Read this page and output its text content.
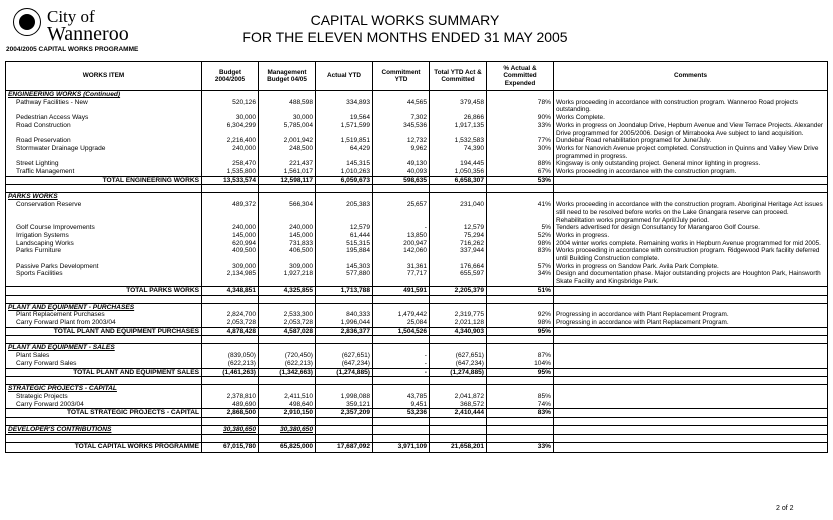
City of
Wanneroo
2004/2005 CAPITAL WORKS PROGRAMME
CAPITAL WORKS SUMMARY
FOR THE ELEVEN MONTHS ENDED 31 MAY 2005
WORKS ITEM	Budget 2004/2005	Management Budget 04/05	Actual YTD	Commitment YTD	Total YTD Act & Committed	% Actual & Committed Expended	Comments
ENGINEERING WORKS (Continued)							
Pathway Facilities - New	520,126	488,598	334,893	44,565	379,458	78%	Works proceeding in accordance with construction program. Wanneroo Road projects outstanding.
Pedestrian Access Ways	30,000	30,000	19,564	7,302	26,866	90%	Works Complete.
Road Construction	6,304,299	5,785,004	1,571,599	345,536	1,917,135	33%	Works in progress on Joondalup Drive, Hepburn Avenue and View Terrace Projects. Alexander Drive programmed for 2005/2006. Design of Mirrabooka Ave subject to land acquisition.
Road Preservation	2,216,400	2,001,942	1,519,851	12,732	1,532,583	77%	Dundebar Road rehabilitation programed for June/July.
Stormwater Drainage Upgrade	240,000	248,500	64,429	9,962	74,390	30%	Works for Nanovich Avenue project completed. Construction in Quinns and Valley View Drive programmed in progress.
Street Lighting	258,470	221,437	145,315	49,130	194,445	88%	Kingsway is only outstanding project. General minor lighting in progress.
Traffic Management	1,535,800	1,561,017	1,010,263	40,093	1,050,356	67%	Works proceeding in accordance with the construction program.
TOTAL ENGINEERING WORKS	13,533,574	12,598,117	6,059,673	598,635	6,658,307	53%	

PARKS WORKS							
Conservation Reserve	489,372	566,304	205,383	25,657	231,040	41%	Works proceeding in accordance with the construction program. Aboriginal Heritage Act issues still need to be resolved before works on the Lake Gnangara reserve can proceed. Rehabilitation works programmed for April/July period.
Golf Course Improvements	240,000	240,000	12,579	-	12,579	5%	Tenders advertised for design Consultancy for Marangaroo Golf Course.
Irrigation Systems	145,000	145,000	61,444	13,850	75,294	52%	Works in progress.
Landscaping Works	620,994	731,833	515,315	200,947	716,262	98%	2004 winter works complete. Remaining works in Hepburn Avenue programmed for mid 2005.
Parks Furniture	409,500	406,500	195,884	142,060	337,944	83%	Works proceeding in accordance with construction program. Ridgewood Park facility deferred until Building Construction complete.
Passive Parks Development	309,000	309,000	145,303	31,361	176,664	57%	Works in progress on Sandow Park. Avila Park Complete.
Sports Facilities	2,134,985	1,927,218	577,880	77,717	655,597	34%	Design and documentation phase. Major outstanding projects are Houghton Park, Hainsworth Skate Facility and Kingsbridge Park.
TOTAL PARKS WORKS	4,348,851	4,325,855	1,713,788	491,591	2,205,379	51%	

PLANT AND EQUIPMENT - PURCHASES							
Plant Replacement Purchases	2,824,700	2,533,300	840,333	1,479,442	2,319,775	92%	Progressing in accordance with Plant Replacement Program.
Carry Forward Plant from 2003/04	2,053,728	2,053,728	1,996,044	25,084	2,021,128	98%	Progressing in accordance with Plant Replacement Program.
TOTAL PLANT AND EQUIPMENT PURCHASES	4,878,428	4,587,028	2,836,377	1,504,526	4,340,903	95%	

PLANT AND EQUIPMENT - SALES							
Plant Sales	(839,050)	(720,450)	(627,651)	-	(627,651)	87%	
Carry Forward Sales	(622,213)	(622,213)	(647,234)	-	(647,234)	104%	
TOTAL PLANT AND EQUIPMENT SALES	(1,461,263)	(1,342,663)	(1,274,885)	-	(1,274,885)	95%	

STRATEGIC PROJECTS - CAPITAL							
Strategic Projects	2,378,810	2,411,510	1,998,088	43,785	2,041,872	85%	
Carry Forward 2003/04	489,690	498,640	359,121	9,451	368,572	74%	
TOTAL STRATEGIC PROJECTS - CAPITAL	2,868,500	2,910,150	2,357,209	53,236	2,410,444	83%	

DEVELOPER'S CONTRIBUTIONS	30,380,650	30,380,650					

TOTAL CAPITAL WORKS PROGRAMME	67,015,780	65,825,000	17,687,092	3,971,109	21,658,201	33%	
2 of 2
